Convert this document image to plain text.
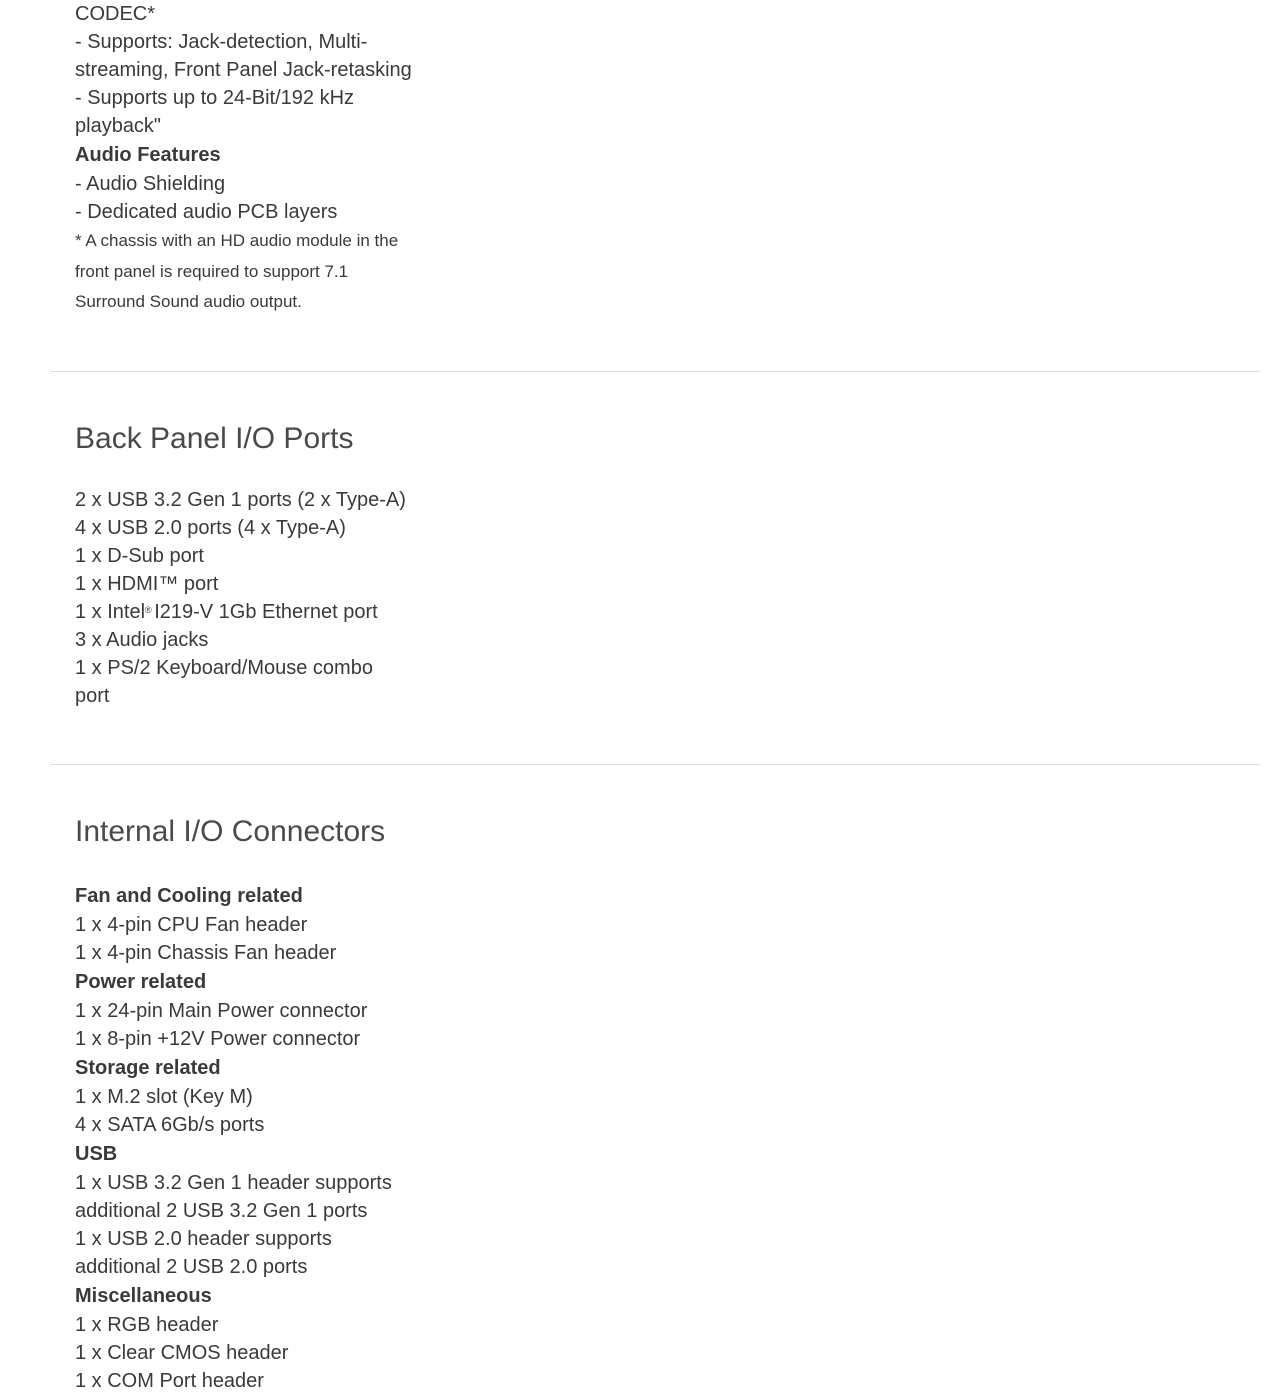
CODEC*
- Supports: Jack-detection, Multi-
streaming, Front Panel Jack-retasking
- Supports up to 24-Bit/192 kHz
playback"
Audio Features
- Audio Shielding
- Dedicated audio PCB layers
* A chassis with an HD audio module in the
front panel is required to support 7.1
Surround Sound audio output.
Back Panel I/O Ports
2 x USB 3.2 Gen 1 ports (2 x Type-A)
4 x USB 2.0 ports (4 x Type-A)
1 x D-Sub port
1 x HDMI™ port
1 x Intel® I219-V 1Gb Ethernet port
3 x Audio jacks
1 x PS/2 Keyboard/Mouse combo
port
Internal I/O Connectors
Fan and Cooling related
1 x 4-pin CPU Fan header
1 x 4-pin Chassis Fan header
Power related
1 x 24-pin Main Power connector
1 x 8-pin +12V Power connector
Storage related
1 x M.2 slot (Key M)
4 x SATA 6Gb/s ports
USB
1 x USB 3.2 Gen 1 header supports
additional 2 USB 3.2 Gen 1 ports
1 x USB 2.0 header supports
additional 2 USB 2.0 ports
Miscellaneous
1 x RGB header
1 x Clear CMOS header
1 x COM Port header
